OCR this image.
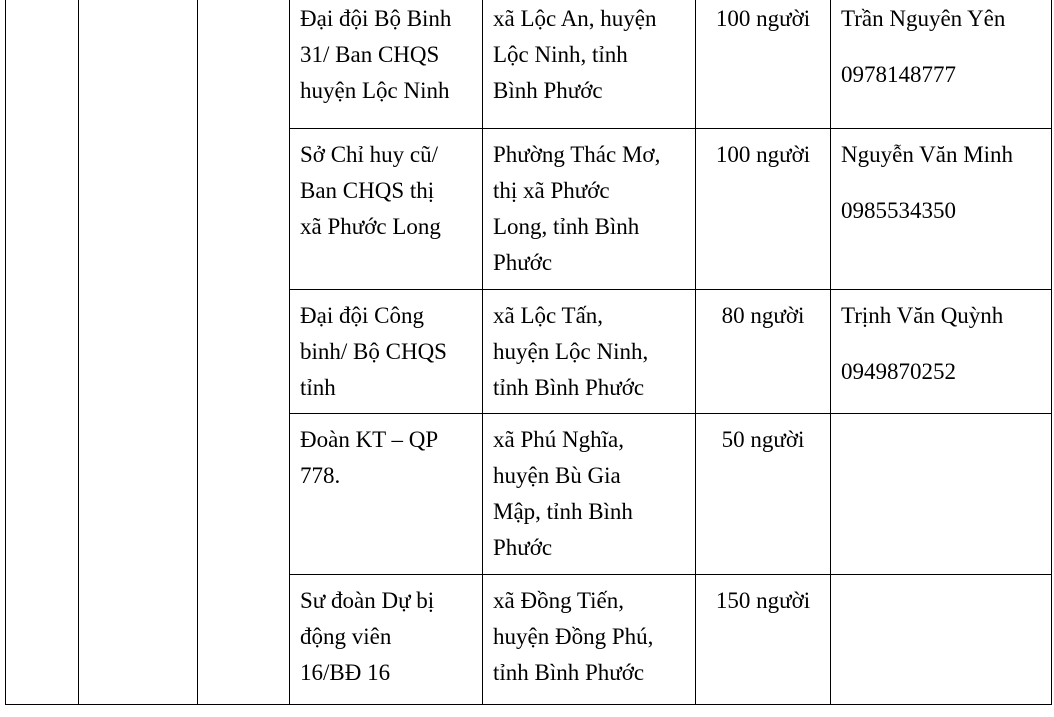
			Đại đội Bộ Binh
31/ Ban CHQS
huyện Lộc Ninh	xã Lộc An, huyện
Lộc Ninh, tỉnh
Bình Phước	100 người	Trần Nguyên Yên
0978148777

			Sở Chỉ huy cũ/
Ban CHQS thị
xã Phước Long	Phường Thác Mơ,
thị xã Phước
Long, tỉnh Bình
Phước	100 người	Nguyễn Văn Minh
0985534350

			Đại đội Công
binh/ Bộ CHQS
tỉnh	xã Lộc Tấn,
huyện Lộc Ninh,
tỉnh Bình Phước	80 người	Trịnh Văn Quỳnh
0949870252

			Đoàn KT – QP
778.	xã Phú Nghĩa,
huyện Bù Gia
Mập, tỉnh Bình
Phước	50 người	

			Sư đoàn Dự bị
động viên
16/BĐ 16	xã Đồng Tiến,
huyện Đồng Phú,
tỉnh Bình Phước	150 người	
